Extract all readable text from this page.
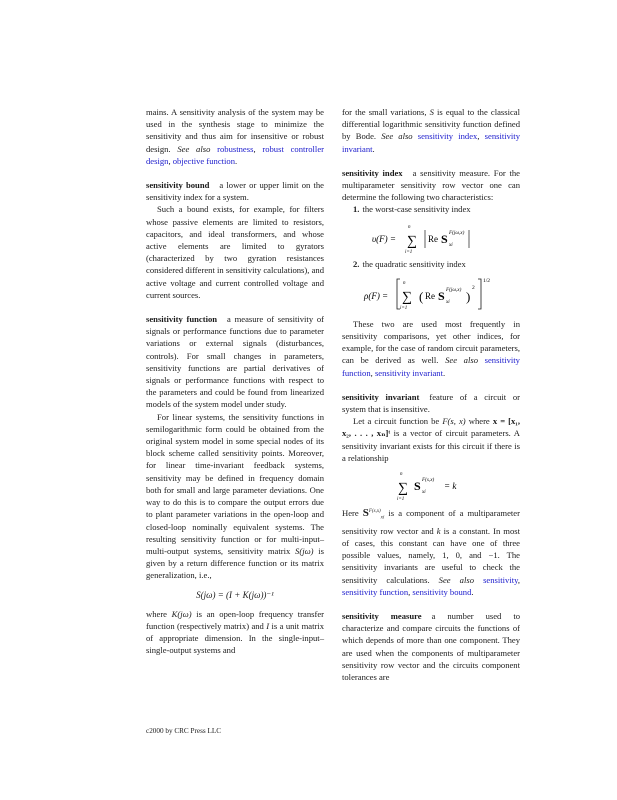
mains. A sensitivity analysis of the system may be used in the synthesis stage to minimize the sensitivity and thus aim for insensitive or robust design. See also robustness, robust controller design, objective function.

sensitivity bound a lower or upper limit on the sensitivity index for a system.

Such a bound exists, for example, for filters whose passive elements are limited to resistors, capacitors, and ideal transformers, and whose active elements are limited to gyrators (characterized by two gyration resistances considered different in sensitivity calculations), and active voltage and current controlled voltage and current sources.

sensitivity function a measure of sensitivity of signals or performance functions due to parameter variations or external signals (disturbances, controls). For small changes in parameters, sensitivity functions are partial derivatives of signals or performance functions with respect to the parameters and could be found from linearized models of the system model under study.

For linear systems, the sensitivity functions in semilogarithmic form could be obtained from the original system model in some special nodes of its block scheme called sensitivity points. Moreover, for linear time-invariant feedback systems, sensitivity may be defined in frequency domain both for small and large parameter deviations. One way to do this is to compare the output errors due to plant parameter variations in the open-loop and closed-loop nominally equivalent systems. The resulting sensitivity function or for multi-input–multi-output systems, sensitivity matrix S(jω) is given by a return difference function or its matrix generalization, i.e.,

S(jω) = (I + K(jω))⁻¹

where K(jω) is an open-loop frequency transfer function (respectively matrix) and I is a unit matrix of appropriate dimension. In the single-input–single-output systems and

for the small variations, S is equal to the classical differential logarithmic sensitivity function defined by Bode. See also sensitivity index, sensitivity invariant.

sensitivity index a sensitivity measure. For the multiparameter sensitivity row vector one can determine the following two characteristics:

1. the worst-case sensitivity index

υ(F) =
n
∑
i=1
Re S F(jω,x)
xi

2. the quadratic sensitivity index

ρ(F) =
n
∑
i=1
( Re S F(jω,x)
xi )
2
1/2

These two are used most frequently in sensitivity comparisons, yet other indices, for example, for the case of random circuit parameters, can be derived as well. See also sensitivity function, sensitivity invariant.

sensitivity invariant feature of a circuit or system that is insensitive.

Let a circuit function be F(s, x) where x = [x₁, x₂, . . . , xₙ]ᵗ is a vector of circuit parameters. A sensitivity invariant exists for this circuit if there is a relationship

n
∑
i=1
S F(s,x)
xi
= k

Here $S^{F(s,x)}_{xi}$ is a component of a multiparameter sensitivity row vector and k is a constant. In most of cases, this constant can have one of three possible values, namely, 1, 0, and −1. The sensitivity invariants are useful to check the sensitivity calculations. See also sensitivity, sensitivity function, sensitivity bound.

sensitivity measure a number used to characterize and compare circuits the functions of which depends of more than one component. They are used when the components of multiparameter sensitivity row vector and the circuits component tolerances are

c2000 by CRC Press LLC
